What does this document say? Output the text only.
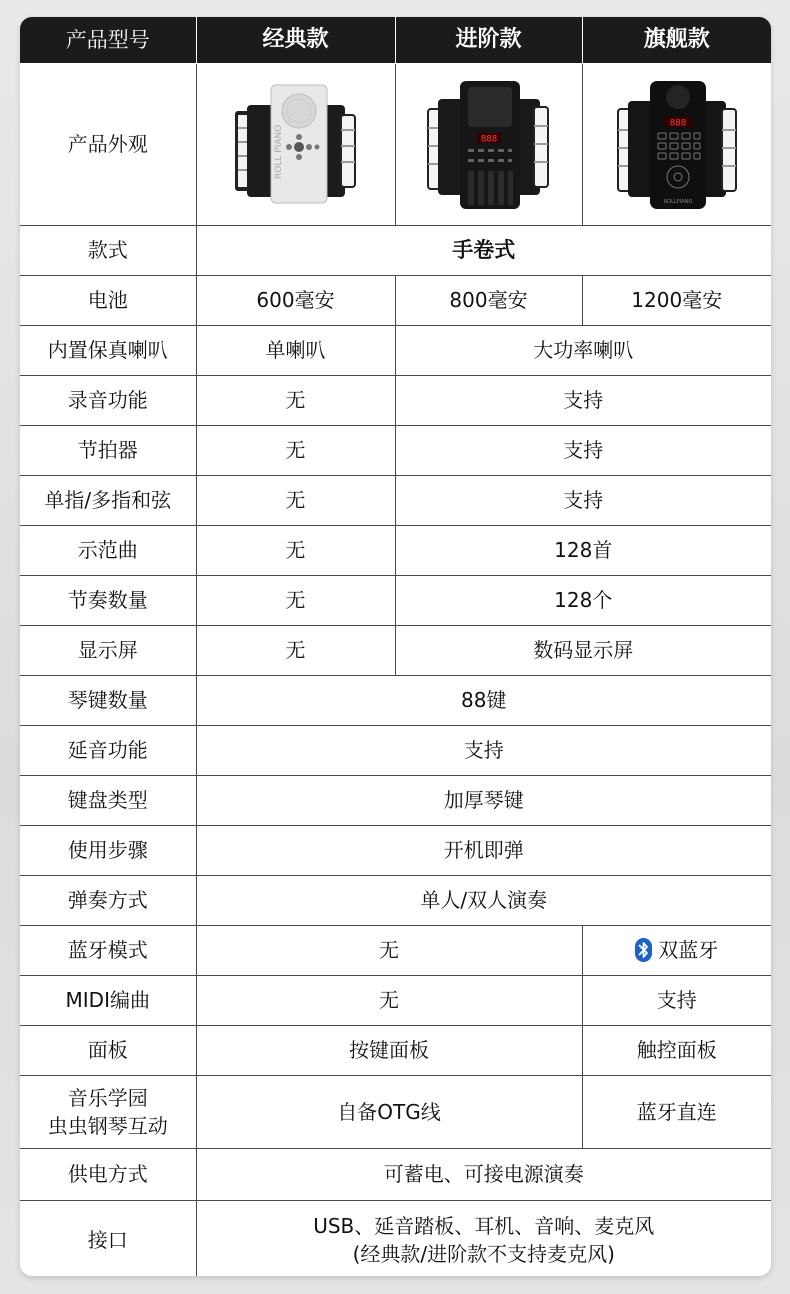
产品型号	经典款	进阶款	旗舰款
产品外观	ROLL PIANO	888	888
ROLLPIANO

款式	手卷式		
电池	600毫安	800毫安	1200毫安
内置保真喇叭	单喇叭	大功率喇叭	
录音功能	无	支持	
节拍器	无	支持	
单指/多指和弦	无	支持	
示范曲	无	128首	
节奏数量	无	128个	
显示屏	无	数码显示屏	
琴键数量	88键		
延音功能	支持		
键盘类型	加厚琴键		
使用步骤	开机即弹		
弹奏方式	单人/双人演奏		
蓝牙模式	无		双蓝牙
MIDI编曲	无		支持
面板	按键面板		触控面板

音乐学园
虫虫钢琴互动	自备OTG线		蓝牙直连
供电方式	可蓄电、可接电源演奏		
接口	USB、延音踏板、耳机、音响、麦克风
(经典款/进阶款不支持麦克风)		
